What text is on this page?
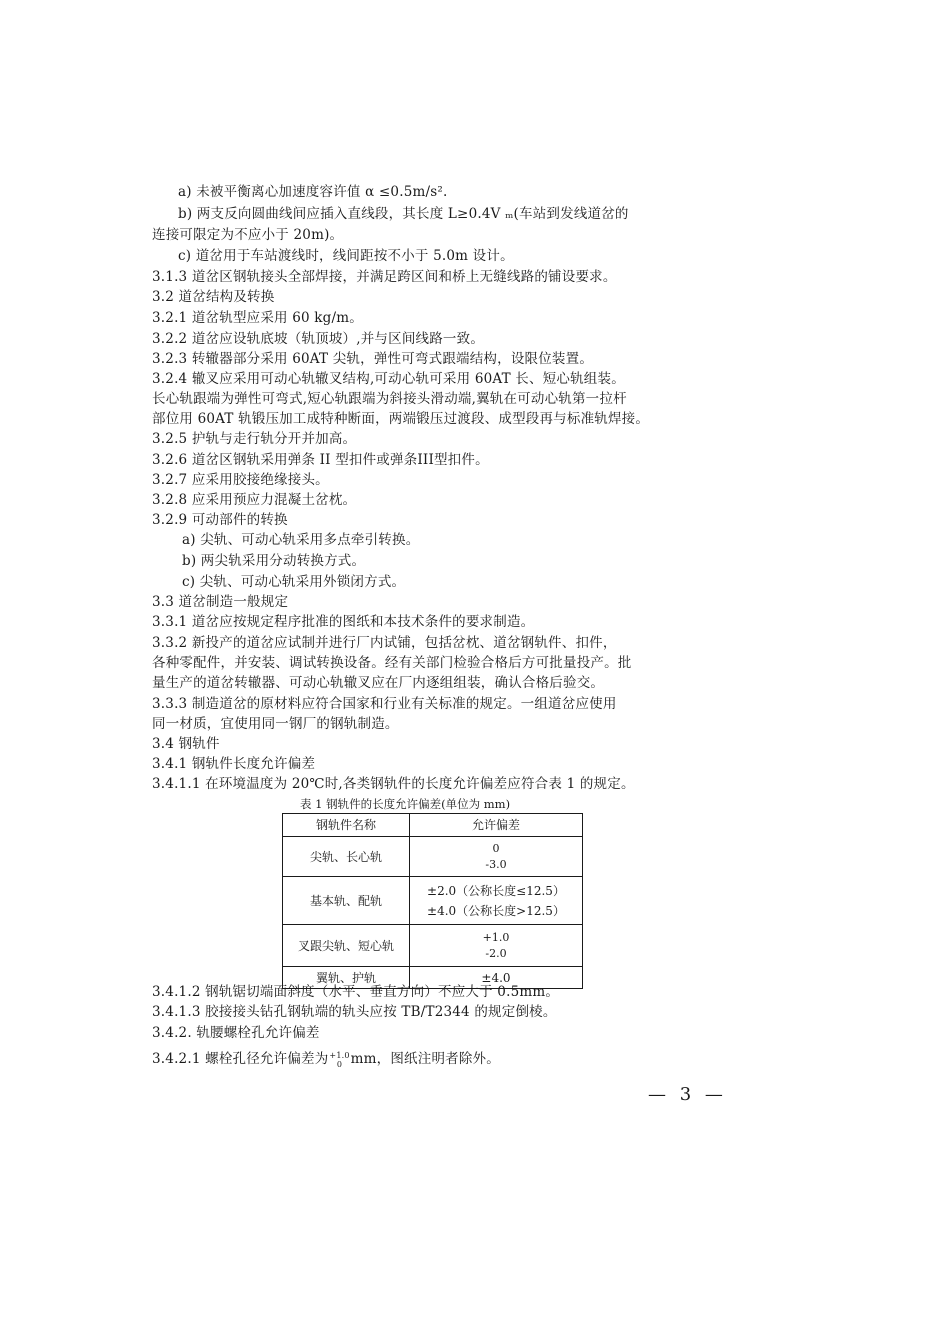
a) 未被平衡离心加速度容许值 α ≤0.5m/s².
b) 两支反向圆曲线间应插入直线段，其长度 L≥0.4V ₘ(车站到发线道岔的
连接可限定为不应小于 20m)。
c) 道岔用于车站渡线时，线间距按不小于 5.0m 设计。
3.1.3 道岔区钢轨接头全部焊接，并满足跨区间和桥上无缝线路的铺设要求。
3.2 道岔结构及转换
3.2.1 道岔轨型应采用 60 kg/m。
3.2.2 道岔应设轨底坡（轨顶坡）,并与区间线路一致。
3.2.3 转辙器部分采用 60AT 尖轨，弹性可弯式跟端结构，设限位装置。
3.2.4 辙叉应采用可动心轨辙叉结构,可动心轨可采用 60AT 长、短心轨组装。
长心轨跟端为弹性可弯式,短心轨跟端为斜接头滑动端,翼轨在可动心轨第一拉杆
部位用 60AT 轨锻压加工成特种断面，两端锻压过渡段、成型段再与标准轨焊接。
3.2.5 护轨与走行轨分开并加高。
3.2.6 道岔区钢轨采用弹条 II 型扣件或弹条III型扣件。
3.2.7 应采用胶接绝缘接头。
3.2.8 应采用预应力混凝土岔枕。
3.2.9 可动部件的转换
a) 尖轨、可动心轨采用多点牵引转换。
b) 两尖轨采用分动转换方式。
c) 尖轨、可动心轨采用外锁闭方式。
3.3 道岔制造一般规定
3.3.1 道岔应按规定程序批准的图纸和本技术条件的要求制造。
3.3.2 新投产的道岔应试制并进行厂内试铺，包括岔枕、道岔钢轨件、扣件，
各种零配件，并安装、调试转换设备。经有关部门检验合格后方可批量投产。批
量生产的道岔转辙器、可动心轨辙叉应在厂内逐组组装，确认合格后验交。
3.3.3 制造道岔的原材料应符合国家和行业有关标准的规定。一组道岔应使用
同一材质，宜使用同一钢厂的钢轨制造。
3.4 钢轨件
3.4.1 钢轨件长度允许偏差
3.4.1.1 在环境温度为 20℃时,各类钢轨件的长度允许偏差应符合表 1 的规定。
表 1 钢轨件的长度允许偏差(单位为 mm)
钢轨件名称	允许偏差
尖轨、长心轨	0
-3.0

基本轨、配轨	±2.0（公称长度≤12.5）
±4.0（公称长度>12.5）

叉跟尖轨、短心轨	+1.0
-2.0

翼轨、护轨	±4.0
3.4.1.2 钢轨锯切端面斜度（水平、垂直方向）不应大于 0.5mm。
3.4.1.3 胶接接头钻孔钢轨端的轨头应按 TB/T2344 的规定倒棱。
3.4.2. 轨腰螺栓孔允许偏差
3.4.2.1 螺栓孔径允许偏差为 +1.0
0 mm，图纸注明者除外。
— 3 —
